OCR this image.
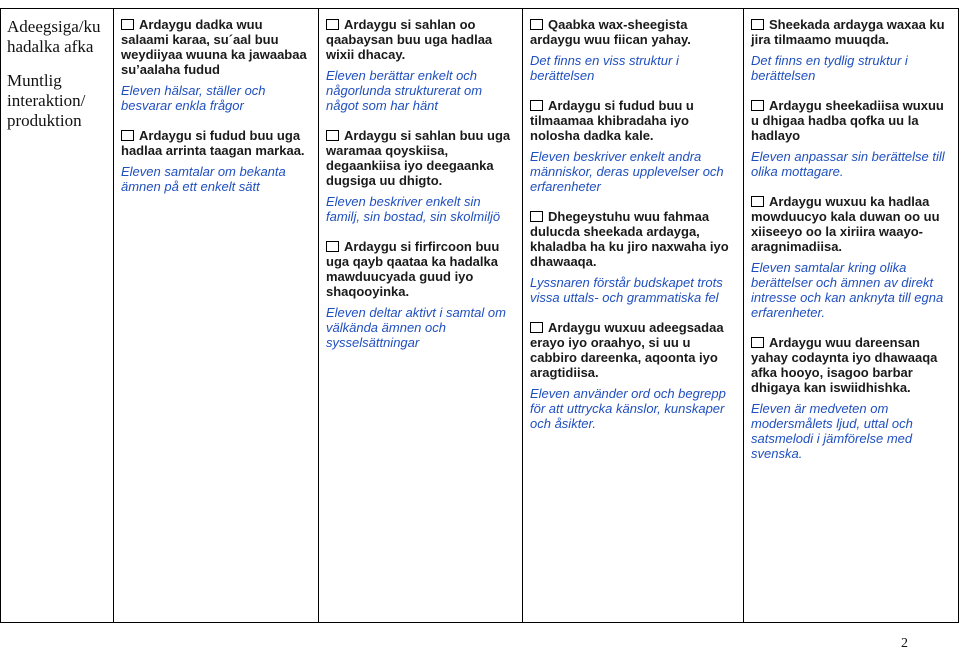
Adeegsiga/ku hadalka afka
Muntlig interaktion/ produktion

Ardaygu dadka wuu salaami karaa, su´aal buu weydiiyaa wuuna ka jawaabaa su’aalaha fudud
Eleven hälsar, ställer och besvarar enkla frågor
Ardaygu si fudud buu uga hadlaa arrinta taagan markaa.
Eleven samtalar om bekanta ämnen på ett enkelt sätt

Ardaygu si sahlan oo qaabaysan buu uga hadlaa wixii dhacay.
Eleven berättar enkelt och någorlunda strukturerat om något som har hänt
Ardaygu si sahlan buu uga waramaa qoyskiisa, degaankiisa iyo deegaanka dugsiga uu dhigto.
Eleven beskriver enkelt sin familj, sin bostad, sin skolmiljö
Ardaygu si firfircoon buu uga qayb qaataa ka hadalka mawduucyada guud iyo shaqooyinka.
Eleven deltar aktivt i samtal om välkända ämnen och sysselsättningar

Qaabka wax-sheegista ardaygu wuu fiican yahay.
Det finns en viss struktur i berättelsen
Ardaygu si fudud buu u tilmaamaa khibradaha iyo nolosha dadka kale.
Eleven beskriver enkelt andra människor, deras upplevelser och erfarenheter
Dhegeystuhu wuu fahmaa dulucda sheekada ardayga, khaladba ha ku jiro naxwaha iyo dhawaaqa.
Lyssnaren förstår budskapet trots vissa uttals- och grammatiska fel
Ardaygu wuxuu adeegsadaa erayo iyo oraahyo, si uu u cabbiro dareenka, aqoonta iyo aragtidiisa.
Eleven använder ord och begrepp för att uttrycka känslor, kunskaper och åsikter.

Sheekada ardayga waxaa ku jira tilmaamo muuqda.
Det finns en tydlig struktur i berättelsen
Ardaygu sheekadiisa wuxuu u dhigaa hadba qofka uu la hadlayo
Eleven anpassar sin berättelse till olika mottagare.
Ardaygu wuxuu ka hadlaa mowduucyo kala duwan oo uu xiiseeyo oo la xiriira waayo-aragnimadiisa.
Eleven samtalar kring olika berättelser och ämnen av direkt intresse och kan anknyta till egna erfarenheter.
Ardaygu wuu dareensan yahay codaynta iyo dhawaaqa afka hooyo, isagoo barbar dhigaya kan iswiidhishka.
Eleven är medveten om modersmålets ljud, uttal och satsmelodi i jämförelse med svenska.
2
